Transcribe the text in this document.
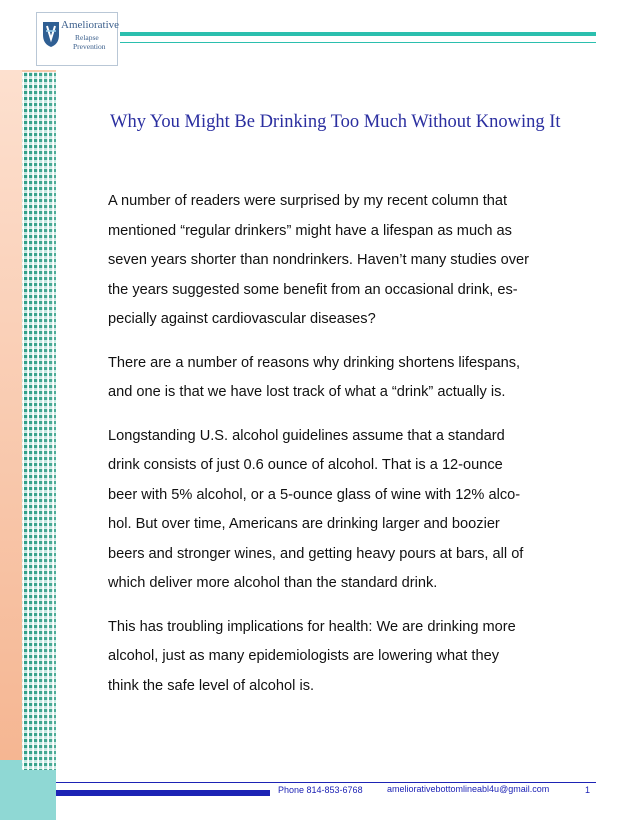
Ameliorative
Relapse
Prevention
Why You Might Be Drinking Too Much Without Knowing It

A number of readers were surprised by my recent column that
mentioned “regular drinkers” might have a lifespan as much as
seven years shorter than nondrinkers. Haven’t many studies over
the years suggested some benefit from an occasional drink, es-
pecially against cardiovascular diseases?

There are a number of reasons why drinking shortens lifespans,
and one is that we have lost track of what a “drink” actually is.

Longstanding U.S. alcohol guidelines assume that a standard
drink consists of just 0.6 ounce of alcohol. That is a 12-ounce
beer with 5% alcohol, or a 5-ounce glass of wine with 12% alco-
hol. But over time, Americans are drinking larger and boozier
beers and stronger wines, and getting heavy pours at bars, all of
which deliver more alcohol than the standard drink.

This has troubling implications for health: We are drinking more
alcohol, just as many epidemiologists are lowering what they
think the safe level of alcohol is.

Phone 814-853-6768	ameliorativebottomlineabl4u@gmail.com	1
